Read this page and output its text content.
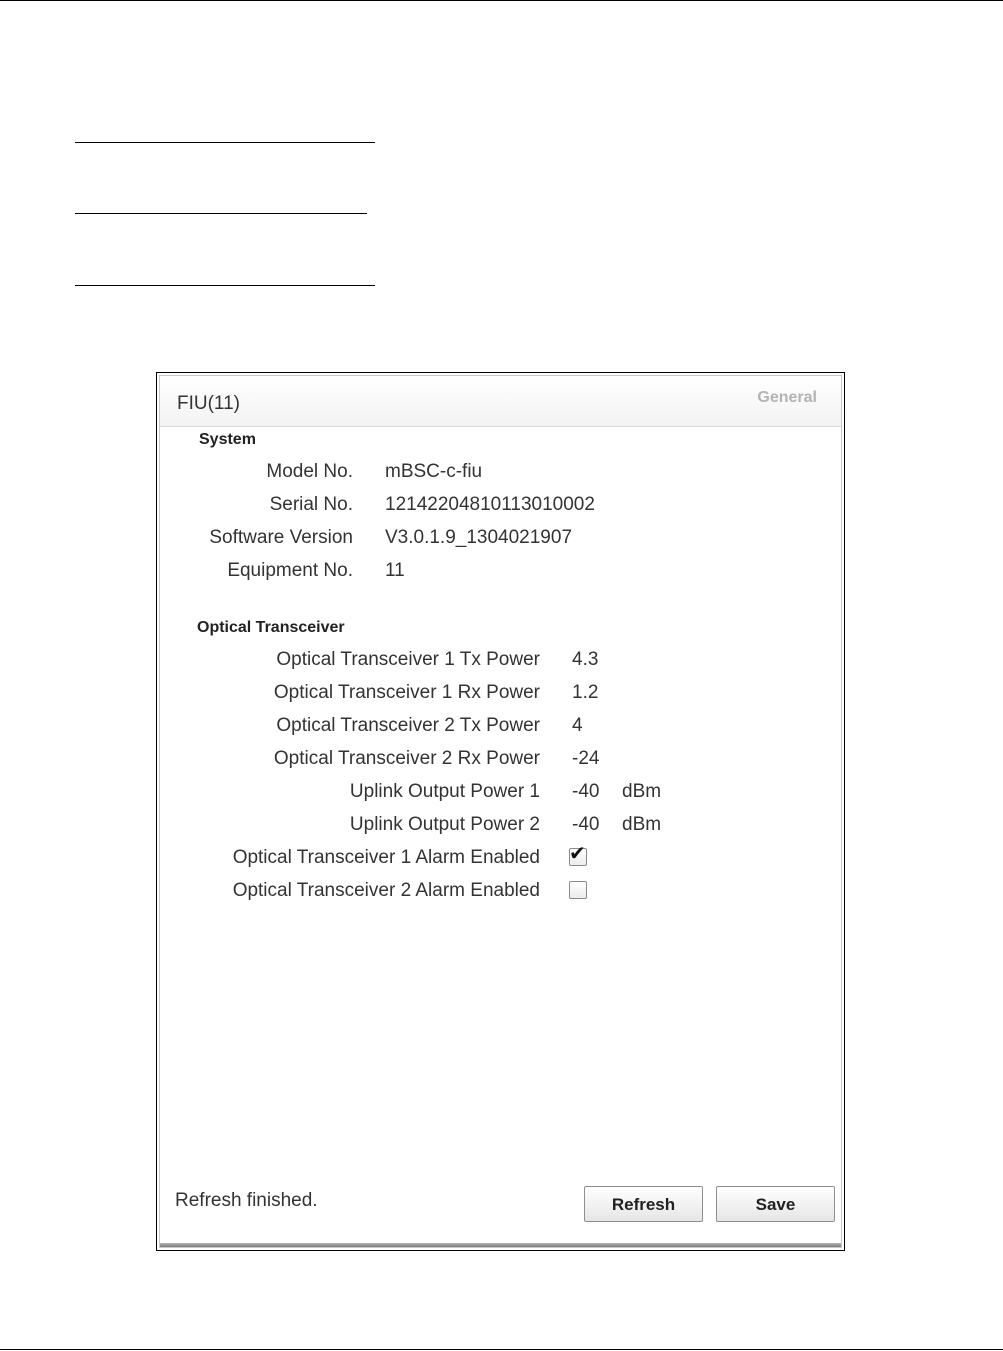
FIU(11)	General
System
Model No. mBSC-c-fiu
Serial No. 12142204810113010002
Software Version V3.0.1.9_1304021907
Equipment No. 11
Optical Transceiver
Optical Transceiver 1 Tx Power 4.3
Optical Transceiver 1 Rx Power 1.2
Optical Transceiver 2 Tx Power 4
Optical Transceiver 2 Rx Power -24
Uplink Output Power 1 -40 dBm
Uplink Output Power 2 -40 dBm
Optical Transceiver 1 Alarm Enabled ✔
Optical Transceiver 2 Alarm Enabled
Refresh finished.	Refresh	Save
